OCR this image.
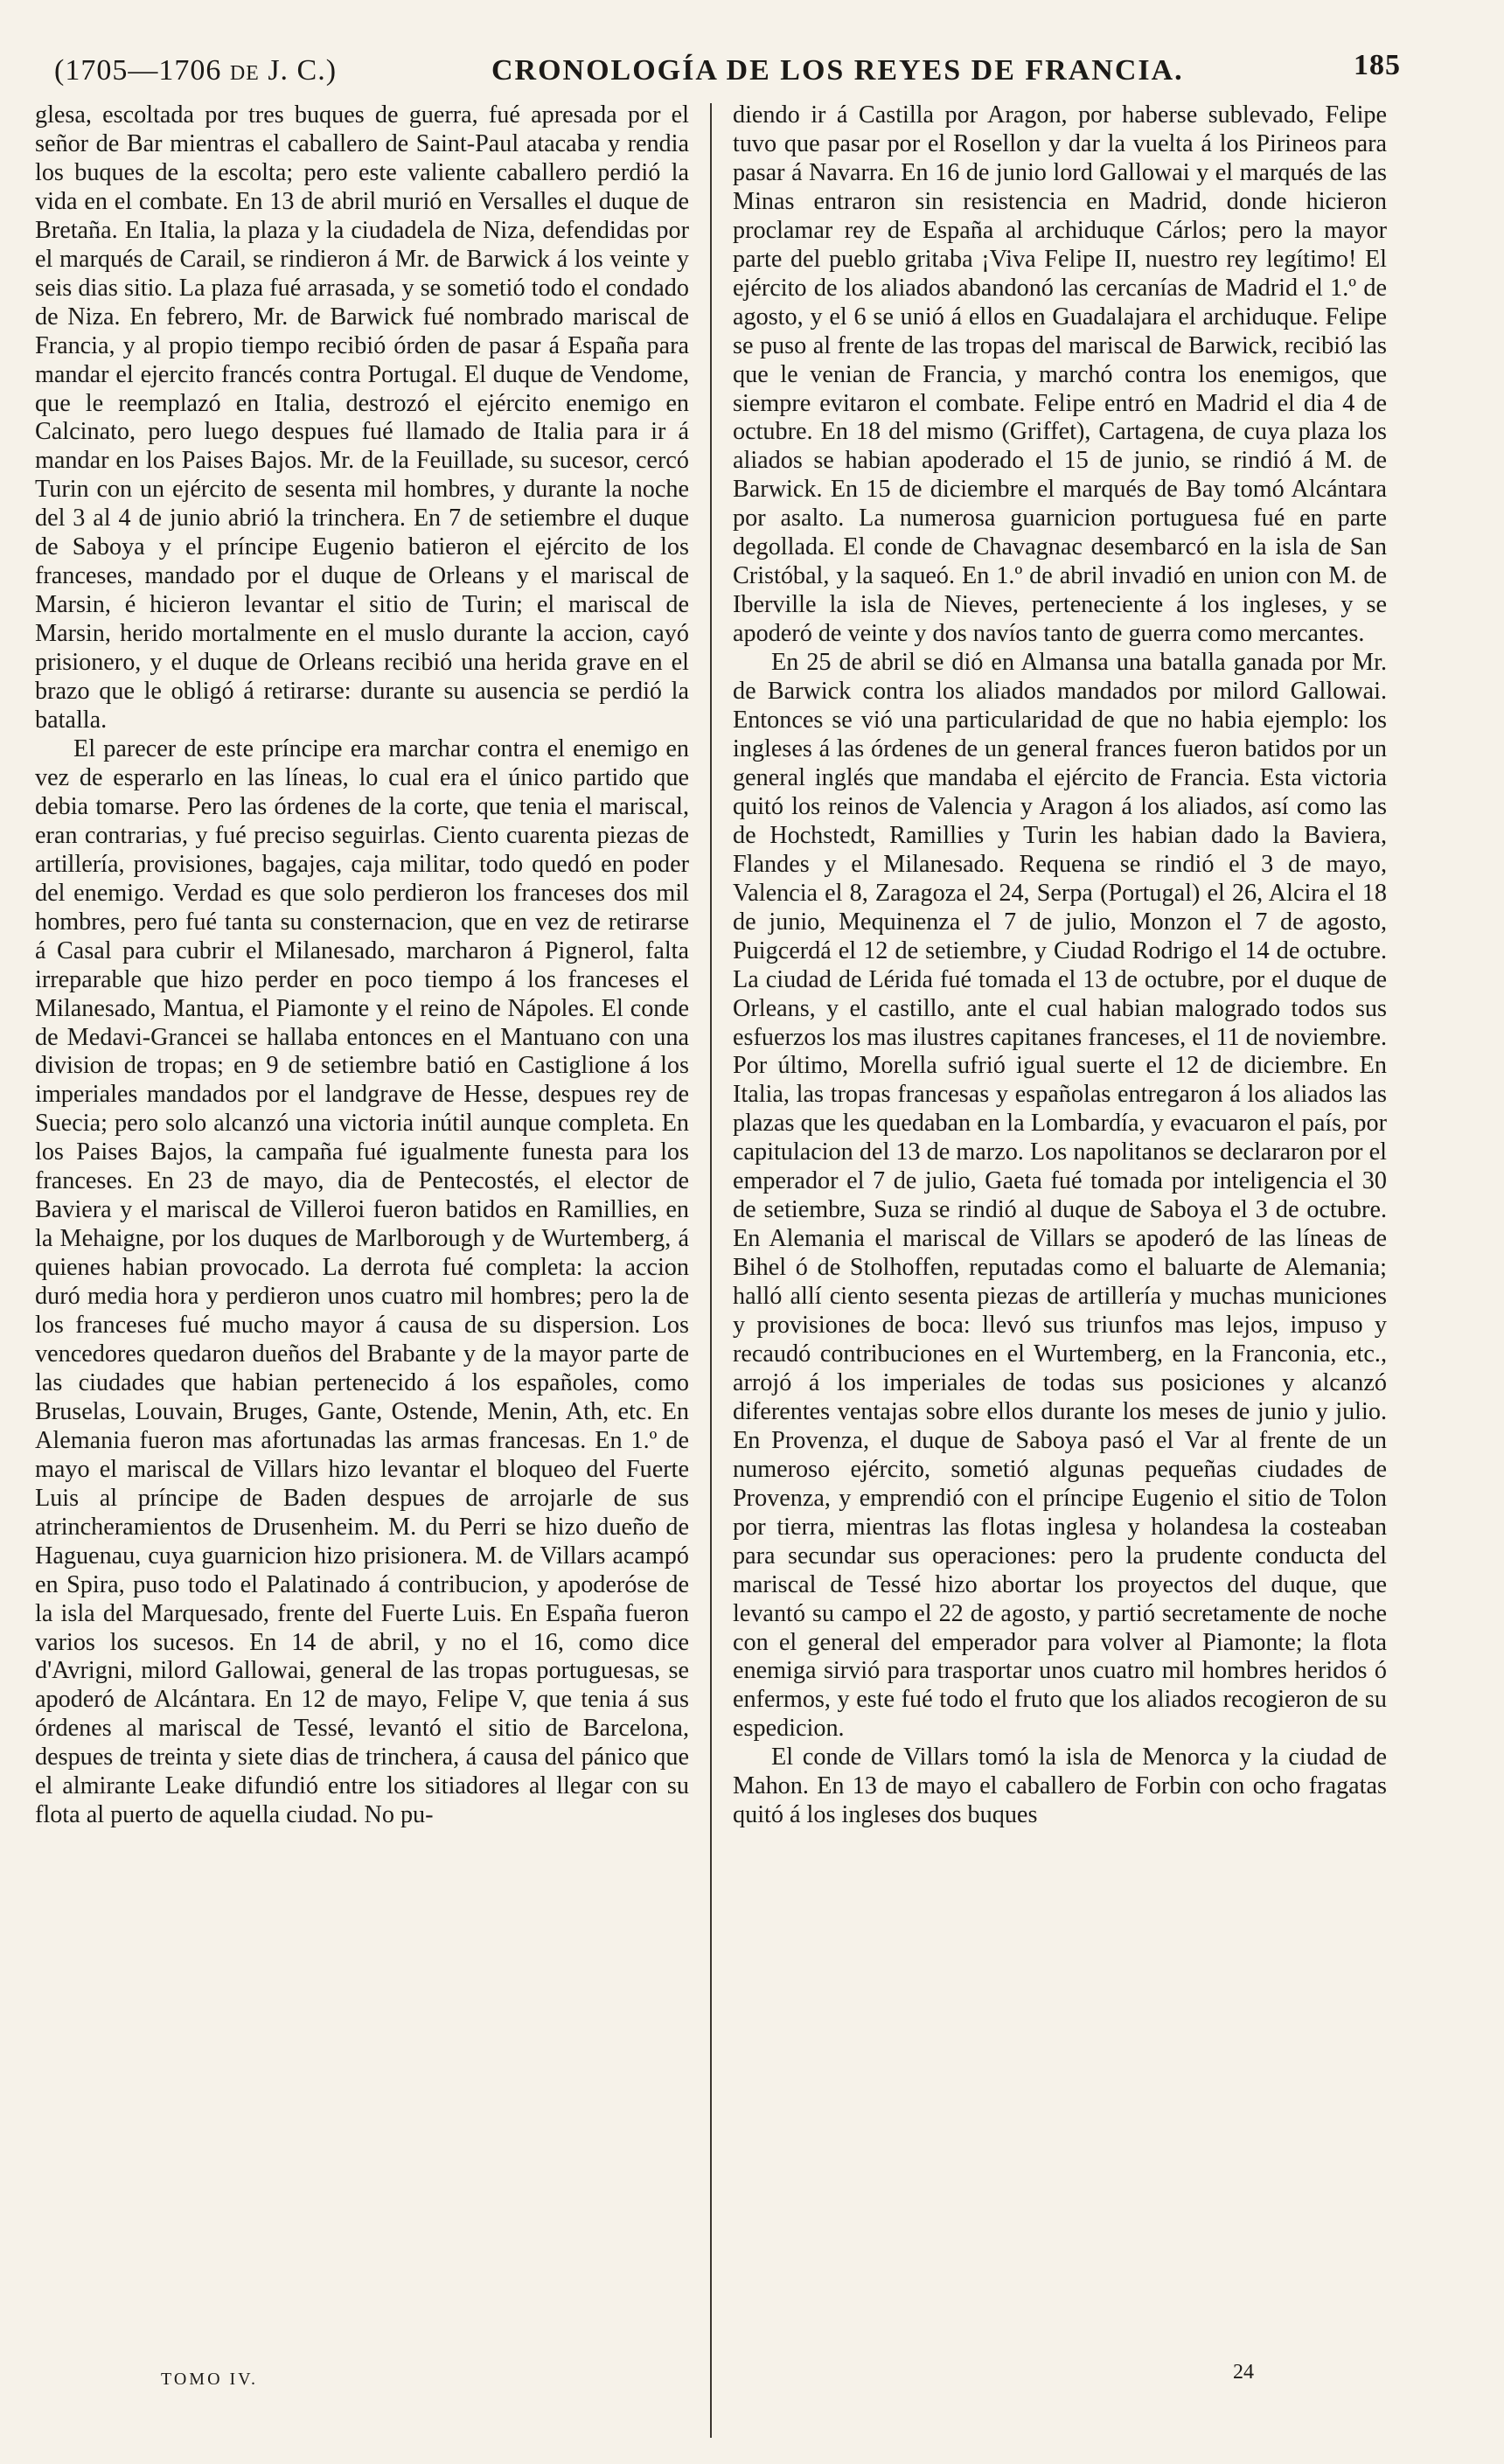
(1705—1706 DE J. C.)	CRONOLOGÍA DE LOS REYES DE FRANCIA.	185

glesa, escoltada por tres buques de guerra, fué apresada por el señor de Bar mientras el caballero de Saint-Paul atacaba y rendia los buques de la escolta; pero este valiente caballero perdió la vida en el combate. En 13 de abril murió en Versalles el duque de Bretaña. En Italia, la plaza y la ciudadela de Niza, defendidas por el marqués de Carail, se rindieron á Mr. de Barwick á los veinte y seis dias sitio. La plaza fué arrasada, y se sometió todo el condado de Niza. En febrero, Mr. de Barwick fué nombrado mariscal de Francia, y al propio tiempo recibió órden de pasar á España para mandar el ejercito francés contra Portugal. El duque de Vendome, que le reemplazó en Italia, destrozó el ejército enemigo en Calcinato, pero luego despues fué llamado de Italia para ir á mandar en los Paises Bajos. Mr. de la Feuillade, su sucesor, cercó Turin con un ejército de sesenta mil hombres, y durante la noche del 3 al 4 de junio abrió la trinchera. En 7 de setiembre el duque de Saboya y el príncipe Eugenio batieron el ejército de los franceses, mandado por el duque de Orleans y el mariscal de Marsin, é hicieron levantar el sitio de Turin; el mariscal de Marsin, herido mortalmente en el muslo durante la accion, cayó prisionero, y el duque de Orleans recibió una herida grave en el brazo que le obligó á retirarse: durante su ausencia se perdió la batalla.

El parecer de este príncipe era marchar contra el enemigo en vez de esperarlo en las líneas, lo cual era el único partido que debia tomarse. Pero las órdenes de la corte, que tenia el mariscal, eran contrarias, y fué preciso seguirlas. Ciento cuarenta piezas de artillería, provisiones, bagajes, caja militar, todo quedó en poder del enemigo. Verdad es que solo perdieron los franceses dos mil hombres, pero fué tanta su consternacion, que en vez de retirarse á Casal para cubrir el Milanesado, marcharon á Pignerol, falta irreparable que hizo perder en poco tiempo á los franceses el Milanesado, Mantua, el Piamonte y el reino de Nápoles. El conde de Medavi-Grancei se hallaba entonces en el Mantuano con una division de tropas; en 9 de setiembre batió en Castiglione á los imperiales mandados por el landgrave de Hesse, despues rey de Suecia; pero solo alcanzó una victoria inútil aunque completa. En los Paises Bajos, la campaña fué igualmente funesta para los franceses. En 23 de mayo, dia de Pentecostés, el elector de Baviera y el mariscal de Villeroi fueron batidos en Ramillies, en la Mehaigne, por los duques de Marlborough y de Wurtemberg, á quienes habian provocado. La derrota fué completa: la accion duró media hora y perdieron unos cuatro mil hombres; pero la de los franceses fué mucho mayor á causa de su dispersion. Los vencedores quedaron dueños del Brabante y de la mayor parte de las ciudades que habian pertenecido á los españoles, como Bruselas, Louvain, Bruges, Gante, Ostende, Menin, Ath, etc. En Alemania fueron mas afortunadas las armas francesas. En 1.º de mayo el mariscal de Villars hizo levantar el bloqueo del Fuerte Luis al príncipe de Baden despues de arrojarle de sus atrincheramientos de Drusenheim. M. du Perri se hizo dueño de Haguenau, cuya guarnicion hizo prisionera. M. de Villars acampó en Spira, puso todo el Palatinado á contribucion, y apoderóse de la isla del Marquesado, frente del Fuerte Luis. En España fueron varios los sucesos. En 14 de abril, y no el 16, como dice d'Avrigni, milord Gallowai, general de las tropas portuguesas, se apoderó de Alcántara. En 12 de mayo, Felipe V, que tenia á sus órdenes al mariscal de Tessé, levantó el sitio de Barcelona, despues de treinta y siete dias de trinchera, á causa del pánico que el almirante Leake difundió entre los sitiadores al llegar con su flota al puerto de aquella ciudad. No pu-

diendo ir á Castilla por Aragon, por haberse sublevado, Felipe tuvo que pasar por el Rosellon y dar la vuelta á los Pirineos para pasar á Navarra. En 16 de junio lord Gallowai y el marqués de las Minas entraron sin resistencia en Madrid, donde hicieron proclamar rey de España al archiduque Cárlos; pero la mayor parte del pueblo gritaba ¡Viva Felipe II, nuestro rey legítimo! El ejército de los aliados abandonó las cercanías de Madrid el 1.º de agosto, y el 6 se unió á ellos en Guadalajara el archiduque. Felipe se puso al frente de las tropas del mariscal de Barwick, recibió las que le venian de Francia, y marchó contra los enemigos, que siempre evitaron el combate. Felipe entró en Madrid el dia 4 de octubre. En 18 del mismo (Griffet), Cartagena, de cuya plaza los aliados se habian apoderado el 15 de junio, se rindió á M. de Barwick. En 15 de diciembre el marqués de Bay tomó Alcántara por asalto. La numerosa guarnicion portuguesa fué en parte degollada. El conde de Chavagnac desembarcó en la isla de San Cristóbal, y la saqueó. En 1.º de abril invadió en union con M. de Iberville la isla de Nieves, perteneciente á los ingleses, y se apoderó de veinte y dos navíos tanto de guerra como mercantes.

En 25 de abril se dió en Almansa una batalla ganada por Mr. de Barwick contra los aliados mandados por milord Gallowai. Entonces se vió una particularidad de que no habia ejemplo: los ingleses á las órdenes de un general frances fueron batidos por un general inglés que mandaba el ejército de Francia. Esta victoria quitó los reinos de Valencia y Aragon á los aliados, así como las de Hochstedt, Ramillies y Turin les habian dado la Baviera, Flandes y el Milanesado. Requena se rindió el 3 de mayo, Valencia el 8, Zaragoza el 24, Serpa (Portugal) el 26, Alcira el 18 de junio, Mequinenza el 7 de julio, Monzon el 7 de agosto, Puigcerdá el 12 de setiembre, y Ciudad Rodrigo el 14 de octubre. La ciudad de Lérida fué tomada el 13 de octubre, por el duque de Orleans, y el castillo, ante el cual habian malogrado todos sus esfuerzos los mas ilustres capitanes franceses, el 11 de noviembre. Por último, Morella sufrió igual suerte el 12 de diciembre. En Italia, las tropas francesas y españolas entregaron á los aliados las plazas que les quedaban en la Lombardía, y evacuaron el país, por capitulacion del 13 de marzo. Los napolitanos se declararon por el emperador el 7 de julio, Gaeta fué tomada por inteligencia el 30 de setiembre, Suza se rindió al duque de Saboya el 3 de octubre. En Alemania el mariscal de Villars se apoderó de las líneas de Bihel ó de Stolhoffen, reputadas como el baluarte de Alemania; halló allí ciento sesenta piezas de artillería y muchas municiones y provisiones de boca: llevó sus triunfos mas lejos, impuso y recaudó contribuciones en el Wurtemberg, en la Franconia, etc., arrojó á los imperiales de todas sus posiciones y alcanzó diferentes ventajas sobre ellos durante los meses de junio y julio. En Provenza, el duque de Saboya pasó el Var al frente de un numeroso ejército, sometió algunas pequeñas ciudades de Provenza, y emprendió con el príncipe Eugenio el sitio de Tolon por tierra, mientras las flotas inglesa y holandesa la costeaban para secundar sus operaciones: pero la prudente conducta del mariscal de Tessé hizo abortar los proyectos del duque, que levantó su campo el 22 de agosto, y partió secretamente de noche con el general del emperador para volver al Piamonte; la flota enemiga sirvió para trasportar unos cuatro mil hombres heridos ó enfermos, y este fué todo el fruto que los aliados recogieron de su espedicion.

El conde de Villars tomó la isla de Menorca y la ciudad de Mahon. En 13 de mayo el caballero de Forbin con ocho fragatas quitó á los ingleses dos buques

TOMO IV.	24
